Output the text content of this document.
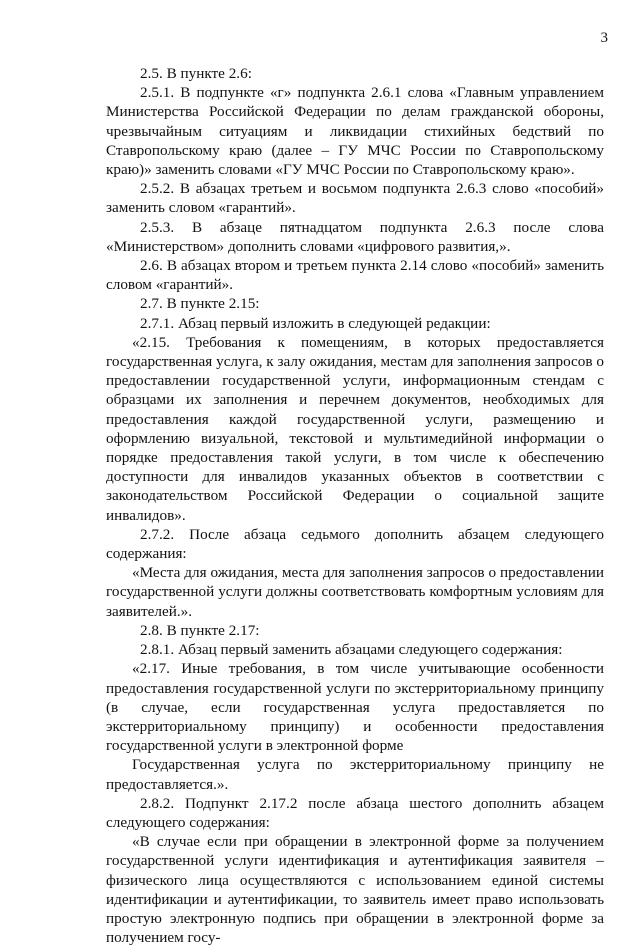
3

2.5. В пункте 2.6:

2.5.1. В подпункте «г» подпункта 2.6.1 слова «Главным управлением Министерства Российской Федерации по делам гражданской обороны, чрезвычайным ситуациям и ликвидации стихийных бедствий по Ставропольскому краю (далее – ГУ МЧС России по Ставропольскому краю)» заменить словами «ГУ МЧС России по Ставропольскому краю».

2.5.2. В абзацах третьем и восьмом подпункта 2.6.3 слово «пособий» заменить словом «гарантий».

2.5.3. В абзаце пятнадцатом подпункта 2.6.3 после слова «Министерством» дополнить словами «цифрового развития,».

2.6. В абзацах втором и третьем пункта 2.14 слово «пособий» заменить словом «гарантий».

2.7. В пункте 2.15:

2.7.1. Абзац первый изложить в следующей редакции:

«2.15. Требования к помещениям, в которых предоставляется государственная услуга, к залу ожидания, местам для заполнения запросов о предоставлении государственной услуги, информационным стендам с образцами их заполнения и перечнем документов, необходимых для предоставления каждой государственной услуги, размещению и оформлению визуальной, текстовой и мультимедийной информации о порядке предоставления такой услуги, в том числе к обеспечению доступности для инвалидов указанных объектов в соответствии с законодательством Российской Федерации о социальной защите инвалидов».

2.7.2. После абзаца седьмого дополнить абзацем следующего содержания:

«Места для ожидания, места для заполнения запросов о предоставлении государственной услуги должны соответствовать комфортным условиям для заявителей.».

2.8. В пункте 2.17:

2.8.1. Абзац первый заменить абзацами следующего содержания:

«2.17. Иные требования, в том числе учитывающие особенности предоставления государственной услуги по экстерриториальному принципу (в случае, если государственная услуга предоставляется по экстерриториальному принципу) и особенности предоставления государственной услуги в электронной форме

Государственная услуга по экстерриториальному принципу не предоставляется.».

2.8.2. Подпункт 2.17.2 после абзаца шестого дополнить абзацем следующего содержания:

«В случае если при обращении в электронной форме за получением государственной услуги идентификация и аутентификация заявителя – физического лица осуществляются с использованием единой системы идентификации и аутентификации, то заявитель имеет право использовать простую электронную подпись при обращении в электронной форме за получением госу-
